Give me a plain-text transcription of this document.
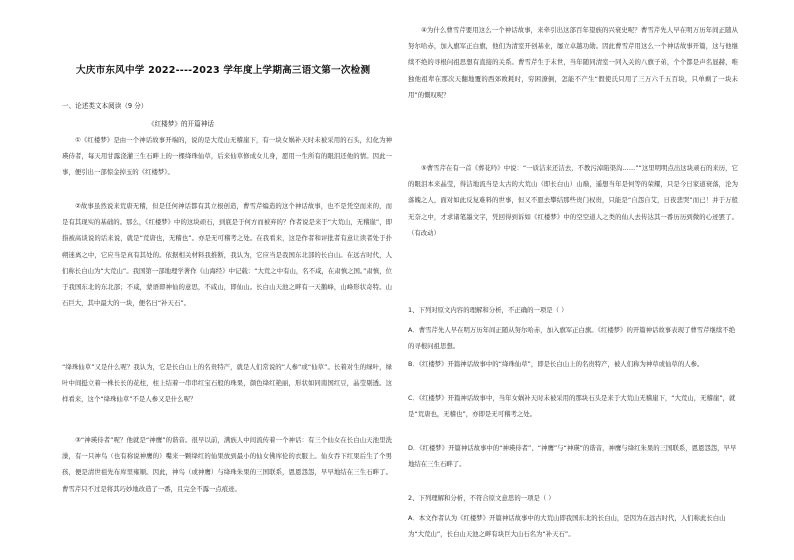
大庆市东风中学 2022----2023 学年度上学期高三语文第一次检测
一、论述类文本阅读（9 分）
《红楼梦》的开篇神话
①《红楼梦》是由一个神话故事开端的，说的是大荒山无稽崖下，有一块女娲补天时未被采用的石头，幻化为神瑛侍者，每天用甘露浇灌三生石畔上的一棵绛珠仙草，后来仙草修成女儿身，愿用一生所有的眼泪还他的情。因此一事，便引出一部惊金掉玉的《红楼梦》。
②故事虽然说来荒唐无稽，但是任何神话都有其立根创造，曹雪芹编造的这个神话故事，也不是凭空而来的，而是有其现实的基础的。那么，《红楼梦》中的这块顽石，到底是于何方而被弃的？作者说是来于“大荒山，无稽崖”，即指被高谈说的话来说，就是“荒唐也，无稽也”。亦是无可稽考之处。在我看来，这是作者和评批者有意让读者处于扑朔迷离之中，它应当是真有其处的。依据相关材料我推断，我认为，它应当是我国东北部的长白山。在远古时代，人们称长白山为“大荒山”。我国第一部地理学著作《山海经》中记载：“大荒之中有山，名不咸，在肃慎之国。”肃慎，位于我国东北的东北部；不咸，蒙语即神仙的意思，不咸山，即仙山。长白山天池之畔有一天鹅峰，山峰形状奇特。山石巨大，其中最大的一块，便名曰“补天石”。
“绛珠仙草”又是什么呢？我认为，它是长白山上的名贵特产，就是人们常说的“人参”或“仙草”。长着对生的绿叶，绿叶中间挺立着一株长长的花柱，柱上结着一串串红宝石般的珠果，颜色绛红艳丽，形状如同南国红豆，晶莹剔透。这样看来，这个“绛珠仙草”不是人参又是什么呢？
③“神瑛侍者”呢？他就是“神鹰”的谐音。很早以前，满族人中间流传着一个神话：有三个仙女在长白山天池里洗澡，有一只神鸟（也有称说神鹰的）嘴来一颗绛红的仙果放到最小的仙女佛库伦的衣服上。仙女吞下红果后生了个男孩，便是清世祖先布库里雍顺。因此，神鸟（或神鹰）与绛珠朱果的三国联系，恩恩怨怨，早早地结在三生石畔了。曹雪芹只不过是将其巧妙地改造了一番，且完全不露一点痕迹。
④为什么曹雪芹要用这么一个神话故事，来牵引出这部百年望族的兴衰史呢？曹雪芹先人早在明万历年间正随从努尔哈赤，加入旗军正白旗，他们为清室开创基业，屡立卓越功勋。因此曹雪芹用这么一个神话故事开篇，这与他继续不绝的寻根问祖思想有直接的关系。曹雪芹生于末世，当年随同清室一同入关的八旗子弟，个个都是声名显赫，唯独他祖辈在那次天翻地覆的西郊败耗时，穷困潦倒，怎能不产生“假使氏只用了三万六千五百块，只单剩了一块未用”的慨叹呢？
⑤曹雪芹在有一首《葬花吟》中说：“一质洁来还洁去，不教污淖陷渠沟……”“这里明明点出这块顽石的来历，它的眼泪本来晶莹，得洁地流当是太古的大荒山（即长白山）山巅，遥想当年是何等的荣耀，只是今日家道衰落，沦为落魄之人，面对如此反复难料的世事，但又不愿去攀结那些贵门权贵，只能是“自怨自艾，日夜悲哭”而已！并于万般无奈之中，才求诸笔墨文字，凭回得到诉如《红楼梦》中的空空道人之类的仙人去传达其一番历历到微的心迹罢了。（有改动）
1、下列对原文内容的理解和分析，不正确的一项是（ ）
A．曹雪芹先人早在明万历年间正随从努尔哈赤，加入旗军正白旗。《红楼梦》的开篇神话故事表现了曹雪芹继续不绝的寻根问祖思想。
B．《红楼梦》开篇神话故事中的“绛珠仙草”，即是长白山上的名贵特产，被人们称为神草或仙草的人参。
C．《红楼梦》开篇神话故事中，当年女娲补天时未被采用的那块石头是来于大荒山无稽崖下，“大荒山，无稽崖”，就是“荒唐也，无稽也”，亦即是无可稽考之处。
D．《红楼梦》开篇神话故事中的“神瑛侍者”、“神鹰”与“神瑛”的谐音，神鹰与绛红朱果的三国联系，恩恩怨怨，早早地结在三生石畔了。
2、下列理解和分析，不符合原文意思的一项是（ ）
A．本文作者认为《红楼梦》开篇神话故事中的大荒山即我国东北的长白山，是因为在远古时代，人们称此长白山为“大荒山”，长白山天池之畔有块巨大山石名为“补天石”。
